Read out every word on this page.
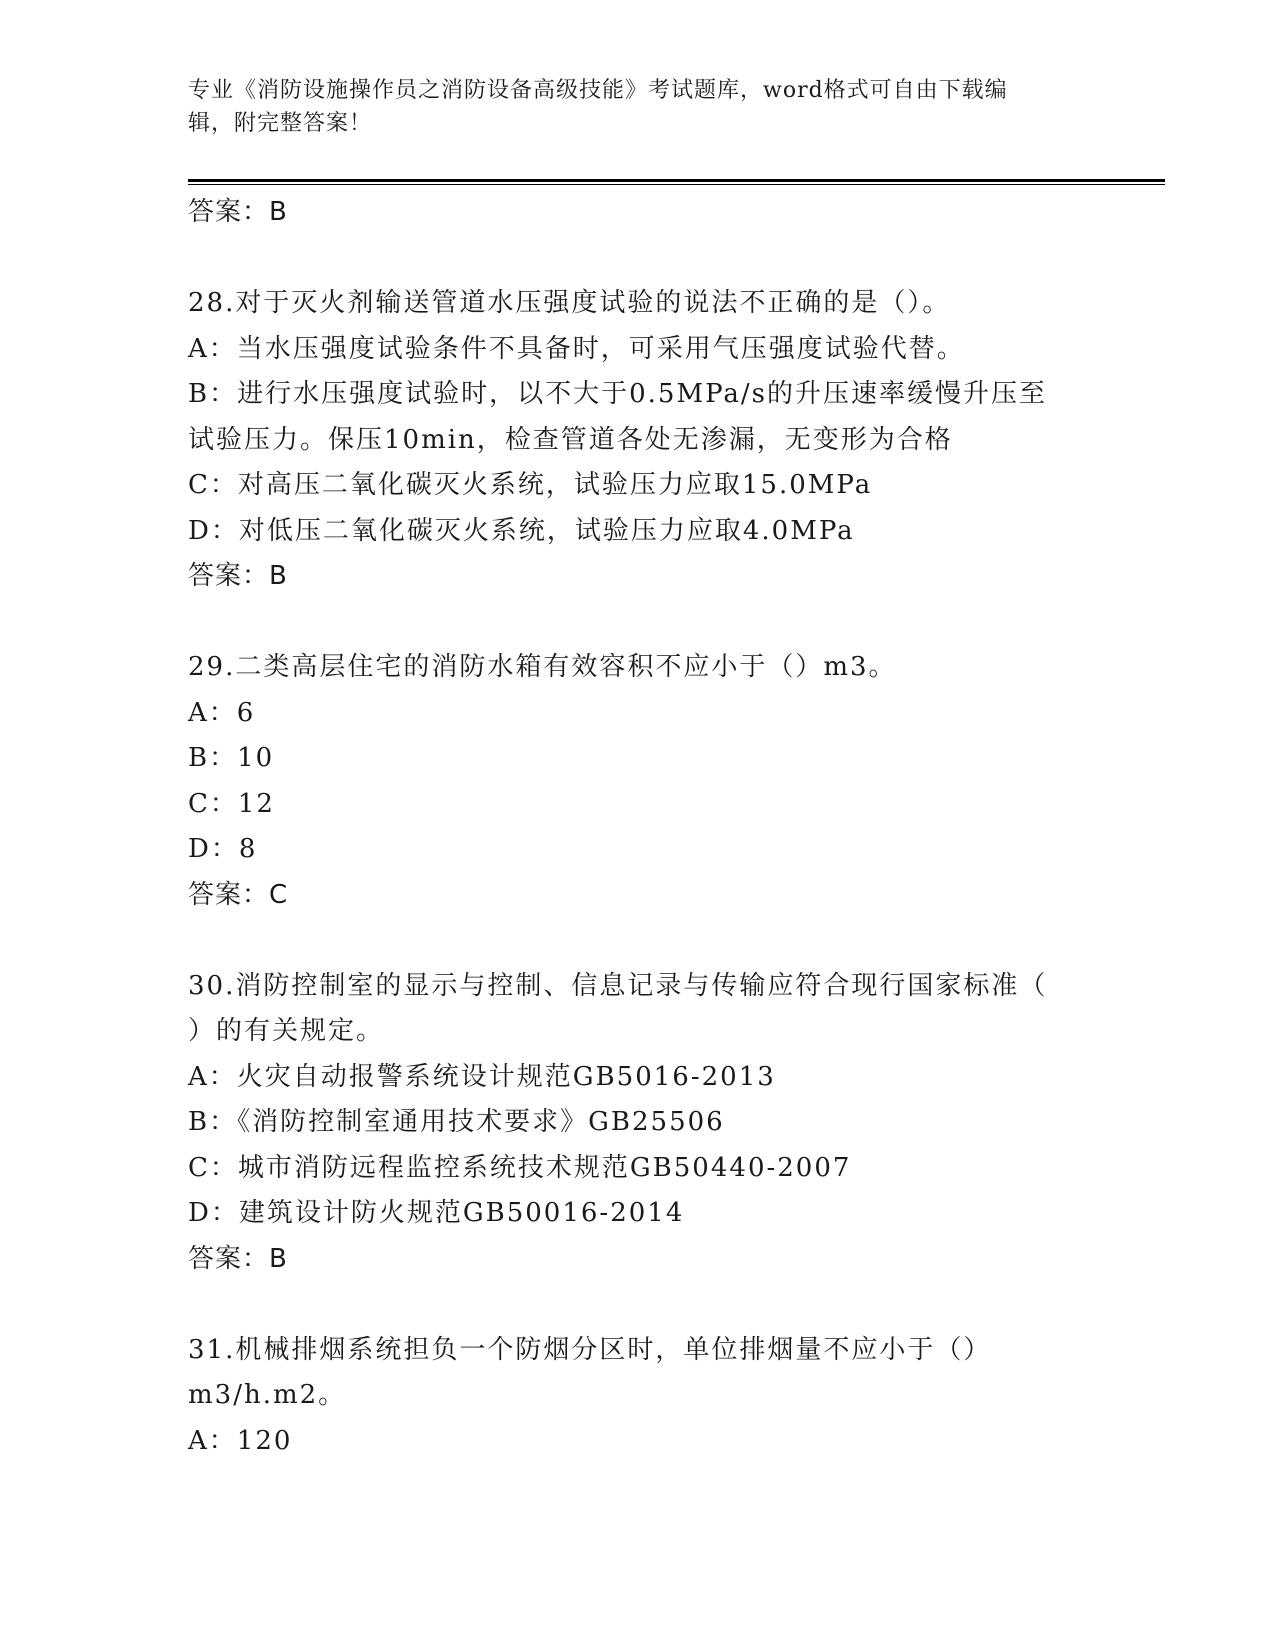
专业《消防设施操作员之消防设备高级技能》考试题库，word格式可自由下载编
辑，附完整答案！
答案：B
28.对于灭火剂输送管道水压强度试验的说法不正确的是（）。
A：当水压强度试验条件不具备时，可采用气压强度试验代替。
B：进行水压强度试验时，以不大于0.5MPa/s的升压速率缓慢升压至
试验压力。保压10min，检查管道各处无渗漏，无变形为合格
C：对高压二氧化碳灭火系统，试验压力应取15.0MPa
D：对低压二氧化碳灭火系统，试验压力应取4.0MPa
答案：B
29.二类高层住宅的消防水箱有效容积不应小于（）m3。
A：6
B：10
C：12
D：8
答案：C
30.消防控制室的显示与控制、信息记录与传输应符合现行国家标准（
）的有关规定。
A：火灾自动报警系统设计规范GB5016-2013
B：《消防控制室通用技术要求》GB25506
C：城市消防远程监控系统技术规范GB50440-2007
D：建筑设计防火规范GB50016-2014
答案：B
31.机械排烟系统担负一个防烟分区时，单位排烟量不应小于（）
m3/h.m2。
A：120
